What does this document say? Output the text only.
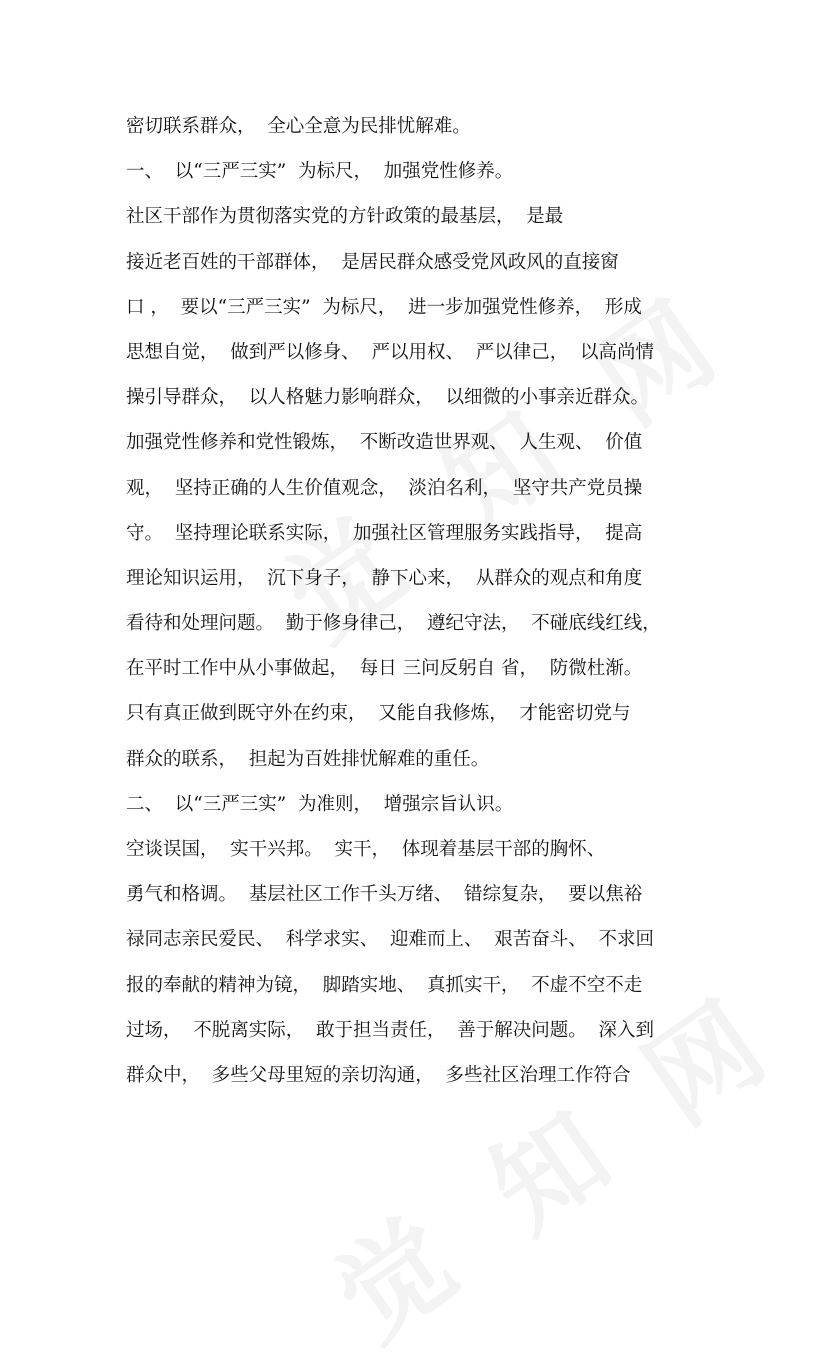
密切联系群众，  全心全意为民排忧解难。

一、  以“三严三实”  为标尺，  加强党性修养。

社区干部作为贯彻落实党的方针政策的最基层，  是最

接近老百姓的干部群体，  是居民群众感受党风政风的直接窗

口 ，  要以“三严三实”  为标尺，  进一步加强党性修养，  形成

思想自觉，  做到严以修身、  严以用权、  严以律己，  以高尚情

操引导群众，  以人格魅力影响群众，  以细微的小事亲近群众。

加强党性修养和党性锻炼，  不断改造世界观、  人生观、  价值

观，  坚持正确的人生价值观念，  淡泊名利，  坚守共产党员操

守。  坚持理论联系实际，  加强社区管理服务实践指导，  提高

理论知识运用，  沉下身子，  静下心来，  从群众的观点和角度

看待和处理问题。  勤于修身律己，  遵纪守法，  不碰底线红线，

在平时工作中从小事做起，  每日 三问反躬自 省，  防微杜渐。

只有真正做到既守外在约束，  又能自我修炼，  才能密切党与

群众的联系，  担起为百姓排忧解难的重任。

二、  以“三严三实”  为准则，  增强宗旨认识。

空谈误国，  实干兴邦。  实干，  体现着基层干部的胸怀、

勇气和格调。  基层社区工作千头万绪、  错综复杂，  要以焦裕

禄同志亲民爱民、  科学求实、  迎难而上、  艰苦奋斗、  不求回

报的奉献的精神为镜，  脚踏实地、  真抓实干，  不虚不空不走

过场，  不脱离实际，  敢于担当责任，  善于解决问题。  深入到

群众中，  多些父母里短的亲切沟通，  多些社区治理工作符合
